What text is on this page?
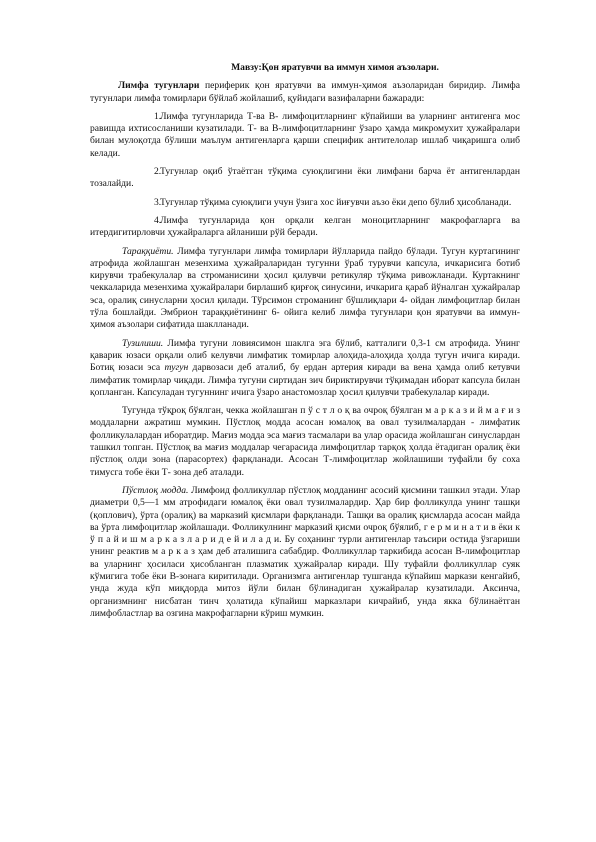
Мавзу:Қон яратувчи ва иммун химоя аъзолари.

Лимфа тугунлари периферик қон яратувчи ва иммун-ҳимоя аъзоларидан биридир. Лимфа тугунлари лимфа томирлари бўйлаб жойлашиб, қуйидаги вазифаларни бажаради:

1.Лимфа тугунларида Т-ва В- лимфоцитларнинг кўпайиши ва уларнинг антигенга мос равишда ихтисосланиши кузатилади. Т- ва В-лимфоцитларнинг ўзаро ҳамда микромухит ҳужайралари билан мулоқотда бўлиши маълум антигенларга қарши специфик антителолар ишлаб чиқаришга олиб келади.

2.Тугунлар оқиб ўтаётган тўқима суюқлигини ёки лимфани барча ёт антигенлардан тозалайди.

3.Тугунлар тўқима суюқлиги учун ўзига хос йиғувчи аъзо ёки депо бўлиб ҳисобланади.

4.Лимфа тугунларида қон орқали келган моноцитларнинг макрофагларга ва итердигитирловчи ҳужайраларга айланиши рўй беради.

Тараққиёти. Лимфа тугунлари лимфа томирлари йўлларида пайдо бўлади. Тугун куртагининг атрофида жойлашган мезенхима ҳужайраларидан тугунни ўраб турувчи капсула, ичкарисига ботиб кирувчи трабекулалар ва строманисини ҳосил қилувчи ретикуляр тўқима ривожланади. Куртакнинг чеккаларида мезенхима ҳужайралари бирлашиб қирғоқ синусини, ичкарига қараб йўналган ҳужайралар эса, оралиқ синусларни ҳосил қилади. Тўрсимон строманинг бўшлиқлари 4- ойдан лимфоцитлар билан тўла бошлайди. Эмбрион тараққиётининг 6- ойига келиб лимфа тугунлари қон яратувчи ва иммун-ҳимоя аъзолари сифатида шаклланади.

Тузилиши. Лимфа тугуни ловиясимон шаклга эга бўлиб, катталиги 0,3-1 см атрофида. Унинг қаварик юзаси орқали олиб келувчи лимфатик томирлар алоҳида-алоҳида ҳолда тугун ичига киради. Ботиқ юзаси эса тугун дарвозаси деб аталиб, бу ердан артерия киради ва вена ҳамда олиб кетувчи лимфатик томирлар чиқади. Лимфа тугуни сиртидан зич бириктирувчи тўқимадан иборат капсула билан қопланган. Капсуладан тугуннинг ичига ўзаро анастомозлар ҳосил қилувчи трабекулалар киради.

Тугунда тўқроқ бўялган, чекка жойлашган п ў с т л о қ ва очроқ бўялган м а р к а з и й м а ғ и з моддаларни ажратиш мумкин. Пўстлоқ модда асосан юмалоқ ва овал тузилмалардан - лимфатик фолликулалардан иборатдир. Мағиз модда эса мағиз тасмалари ва улар орасида жойлашган синуслардан ташкил топган. Пўстлоқ ва мағиз моддалар чегарасида лимфоцитлар тарқоқ ҳолда ётадиган оралиқ ёки пўстлоқ олди зона (парасортех) фарқланади. Асосан Т-лимфоцитлар жойлашиши туфайли бу соха тимусга тобе ёки Т- зона деб аталади.

Пўстлоқ модда. Лимфоид фолликуллар пўстлоқ модданинг асосий қисмини ташкил этади. Улар диаметри 0,5—1 мм атрофидаги юмалоқ ёки овал тузилмалардир. Ҳар бир фолликулда унинг ташқи (қоплович), ўрта (оралиқ) ва марказий қисмлари фарқланади. Ташқи ва оралиқ қисмларда асосан майда ва ўрта лимфоцитлар жойлашади. Фолликулнинг марказий қисми очроқ бўялиб, г е р м и н а т и в ёки к ў п а й и ш м а р к а з л а р и д е й и л а д и. Бу соҳанинг турли антигенлар таъсири остида ўзгариши унинг реактив м а р к а з ҳам деб аталишига сабабдир. Фолликуллар таркибида асосан В-лимфоцитлар ва уларнинг ҳосиласи ҳисобланган плазматик ҳужайралар киради. Шу туфайли фолликуллар суяк кўмигига тобе ёки В-зонага киритилади. Организмга антигенлар тушганда кўпайиш маркази кенгайиб, унда жуда кўп миқдорда митоз йўли билан бўлинадиган ҳужайралар кузатилади. Аксинча, организмнинг нисбатан тинч ҳолатида кўпайиш марказлари кичрайиб, унда якка бўлинаётган лимфобластлар ва озгина макрофагларни кўриш мумкин.
